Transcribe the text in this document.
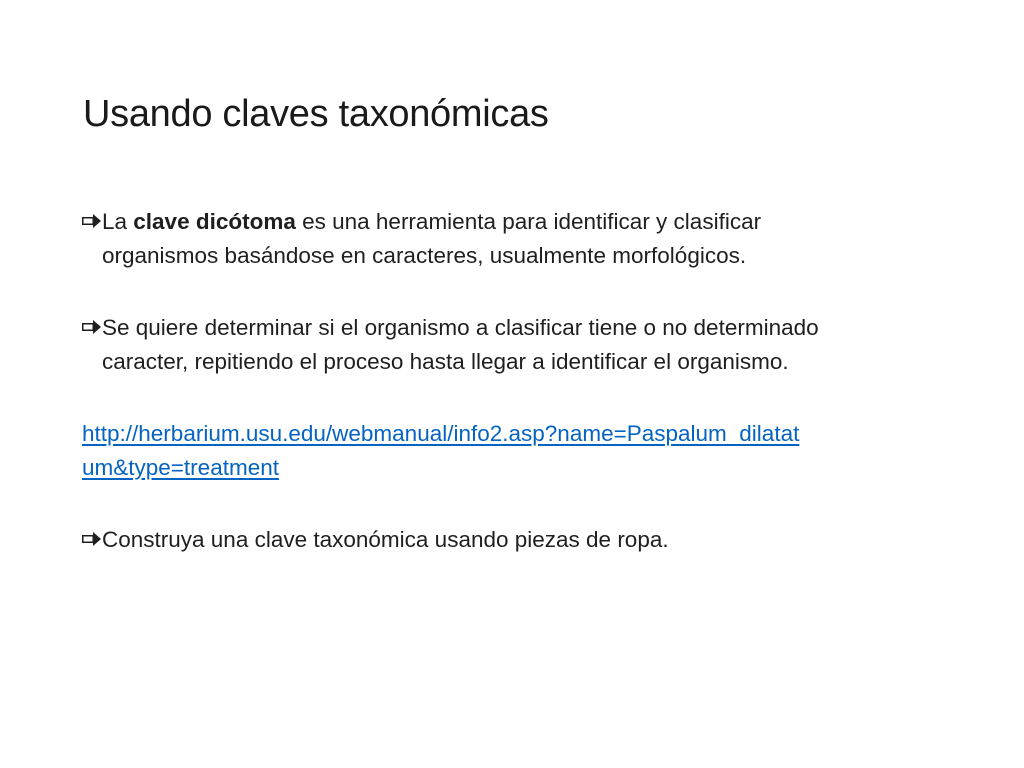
Usando claves taxonómicas
La clave dicótoma es una herramienta para identificar y clasificar
organismos basándose en caracteres, usualmente morfológicos.
Se quiere determinar si el organismo a clasificar tiene o no determinado
caracter, repitiendo el proceso hasta llegar a identificar el organismo.
http://herbarium.usu.edu/webmanual/info2.asp?name=Paspalum_dilatat
um&type=treatment
Construya una clave taxonómica usando piezas de ropa.
